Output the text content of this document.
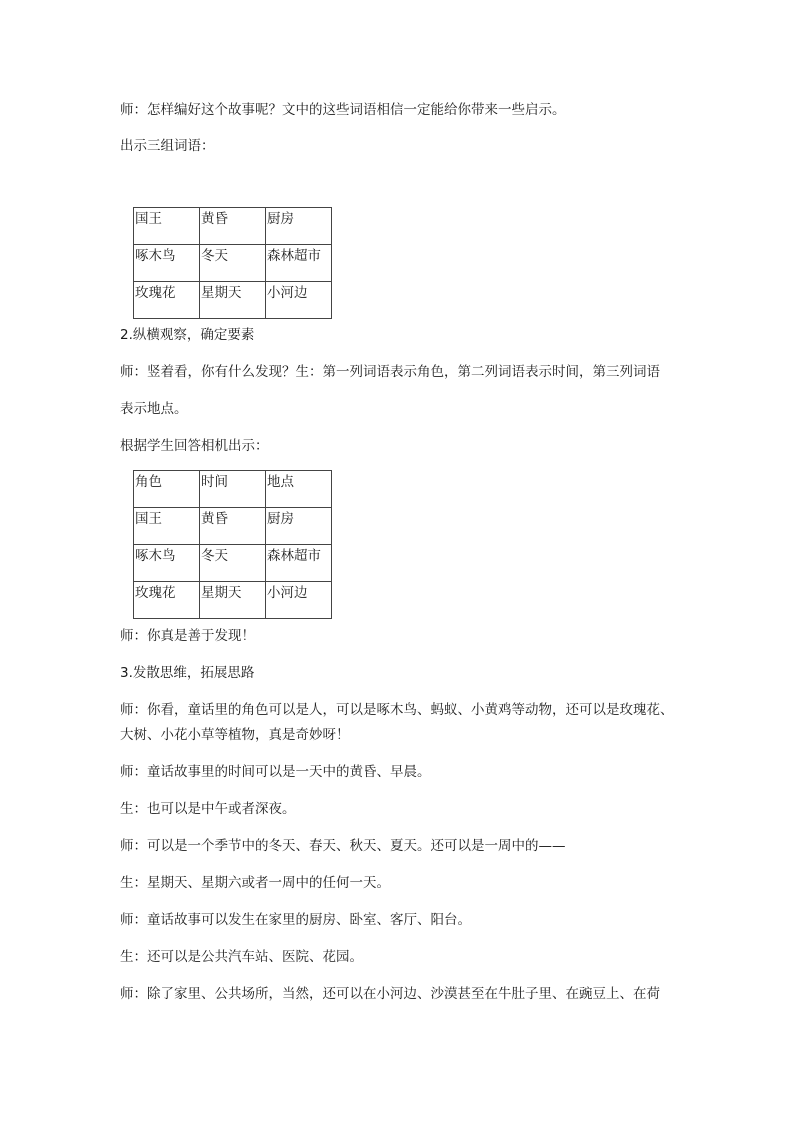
师：怎样编好这个故事呢？文中的这些词语相信一定能给你带来一些启示。
出示三组词语：
国王	黄昏	厨房
啄木鸟	冬天	森林超市
玫瑰花	星期天	小河边
2.纵横观察，确定要素
师：竖着看，你有什么发现？生：第一列词语表示角色，第二列词语表示时间，第三列词语
表示地点。
根据学生回答相机出示：
角色	时间	地点
国王	黄昏	厨房
啄木鸟	冬天	森林超市
玫瑰花	星期天	小河边
师：你真是善于发现！
3.发散思维，拓展思路
师：你看，童话里的角色可以是人，可以是啄木鸟、蚂蚁、小黄鸡等动物，还可以是玫瑰花、
大树、小花小草等植物，真是奇妙呀！
师：童话故事里的时间可以是一天中的黄昏、早晨。
生：也可以是中午或者深夜。
师：可以是一个季节中的冬天、春天、秋天、夏天。还可以是一周中的——
生：星期天、星期六或者一周中的任何一天。
师：童话故事可以发生在家里的厨房、卧室、客厅、阳台。
生：还可以是公共汽车站、医院、花园。
师：除了家里、公共场所，当然，还可以在小河边、沙漠甚至在牛肚子里、在豌豆上、在荷
